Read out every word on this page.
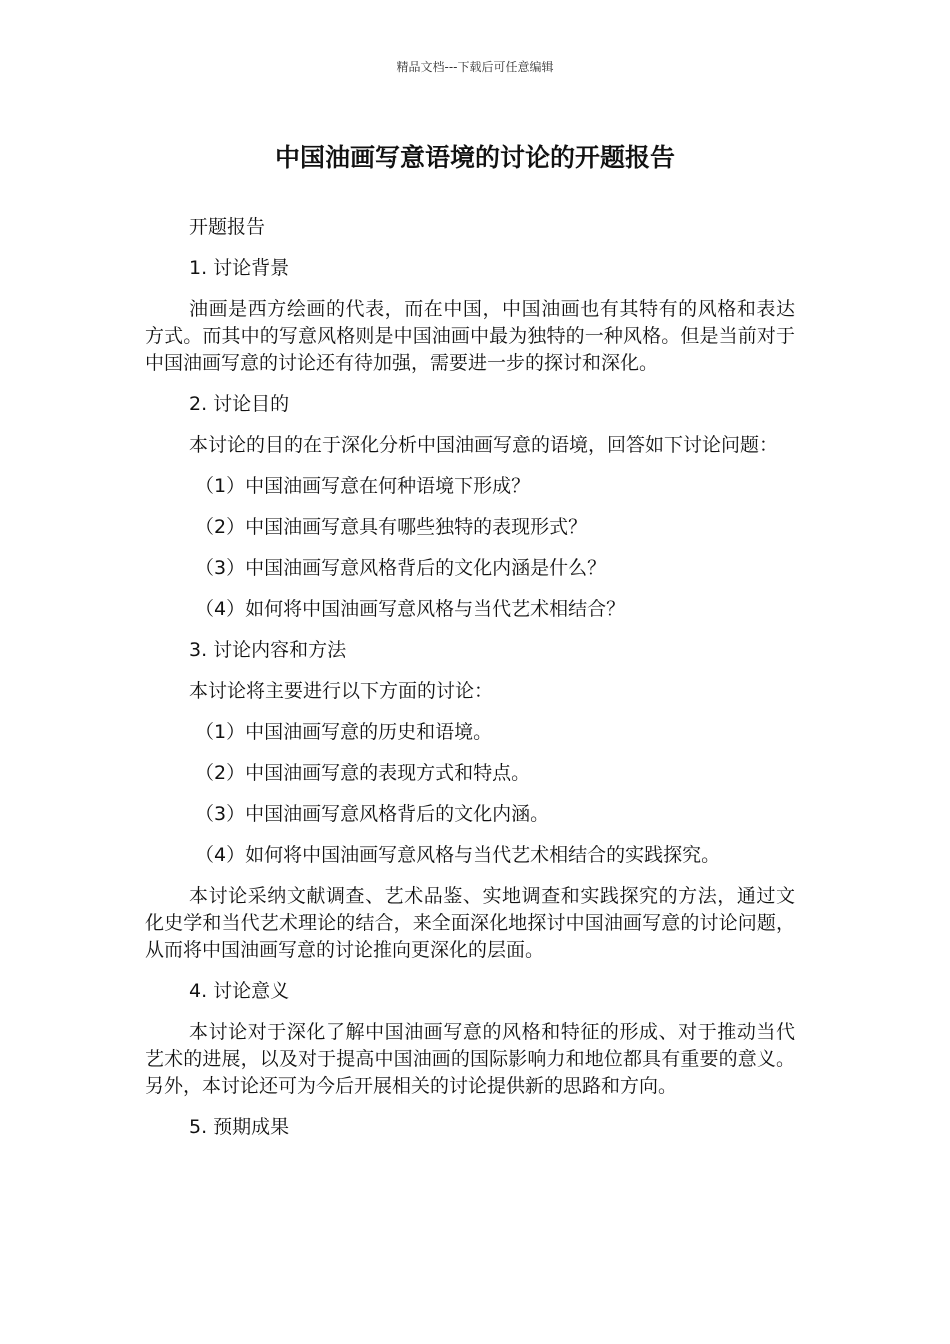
精品文档---下载后可任意编辑
中国油画写意语境的讨论的开题报告

开题报告

1. 讨论背景

油画是西方绘画的代表，而在中国，中国油画也有其特有的风格和表达方式。而其中的写意风格则是中国油画中最为独特的一种风格。但是当前对于中国油画写意的讨论还有待加强，需要进一步的探讨和深化。

2. 讨论目的

本讨论的目的在于深化分析中国油画写意的语境，回答如下讨论问题：

（1）中国油画写意在何种语境下形成？

（2）中国油画写意具有哪些独特的表现形式？

（3）中国油画写意风格背后的文化内涵是什么？

（4）如何将中国油画写意风格与当代艺术相结合？

3. 讨论内容和方法

本讨论将主要进行以下方面的讨论：

（1）中国油画写意的历史和语境。

（2）中国油画写意的表现方式和特点。

（3）中国油画写意风格背后的文化内涵。

（4）如何将中国油画写意风格与当代艺术相结合的实践探究。

本讨论采纳文献调查、艺术品鉴、实地调查和实践探究的方法，通过文化史学和当代艺术理论的结合，来全面深化地探讨中国油画写意的讨论问题，从而将中国油画写意的讨论推向更深化的层面。

4. 讨论意义

本讨论对于深化了解中国油画写意的风格和特征的形成、对于推动当代艺术的进展，以及对于提高中国油画的国际影响力和地位都具有重要的意义。另外，本讨论还可为今后开展相关的讨论提供新的思路和方向。

5. 预期成果
